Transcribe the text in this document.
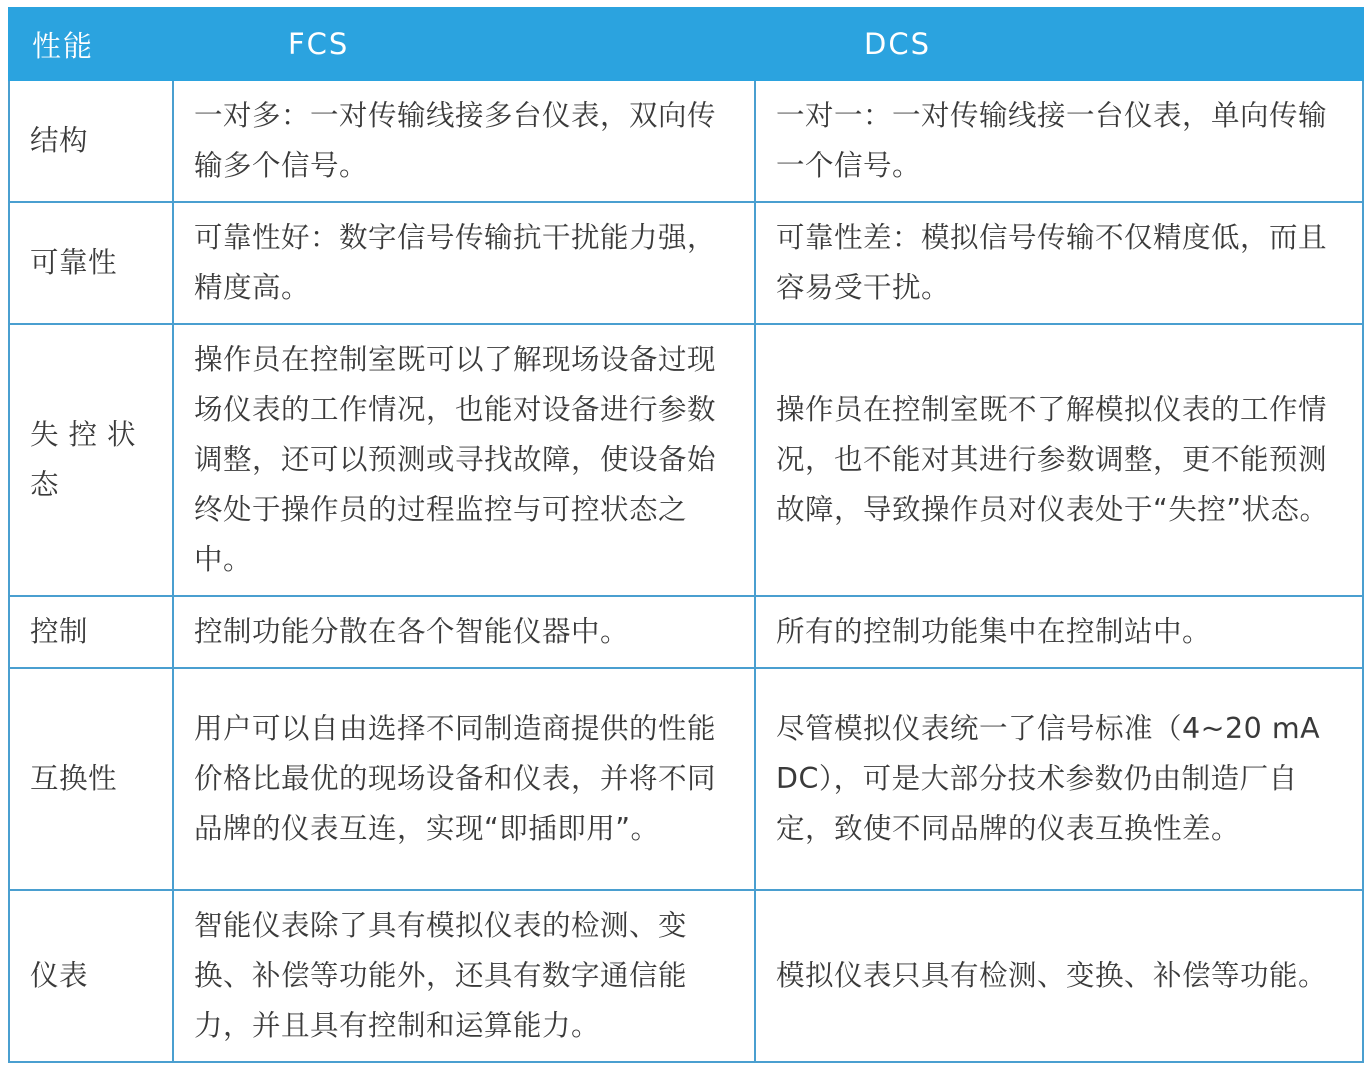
性能	FCS	DCS
结构	一对多：一对传输线接多台仪表，双向传输多个信号。	一对一：一对传输线接一台仪表，单向传输一个信号。
可靠性	可靠性好：数字信号传输抗干扰能力强，精度高。	可靠性差：模拟信号传输不仅精度低，而且容易受干扰。
失控状态	操作员在控制室既可以了解现场设备过现场仪表的工作情况，也能对设备进行参数调整，还可以预测或寻找故障，使设备始终处于操作员的过程监控与可控状态之中。	操作员在控制室既不了解模拟仪表的工作情况，也不能对其进行参数调整，更不能预测故障，导致操作员对仪表处于“失控”状态。
控制	控制功能分散在各个智能仪器中。	所有的控制功能集中在控制站中。
互换性	用户可以自由选择不同制造商提供的性能价格比最优的现场设备和仪表，并将不同品牌的仪表互连，实现“即插即用”。	尽管模拟仪表统一了信号标准（4~20 mA DC），可是大部分技术参数仍由制造厂自定，致使不同品牌的仪表互换性差。
仪表	智能仪表除了具有模拟仪表的检测、变换、补偿等功能外，还具有数字通信能力，并且具有控制和运算能力。	模拟仪表只具有检测、变换、补偿等功能。
